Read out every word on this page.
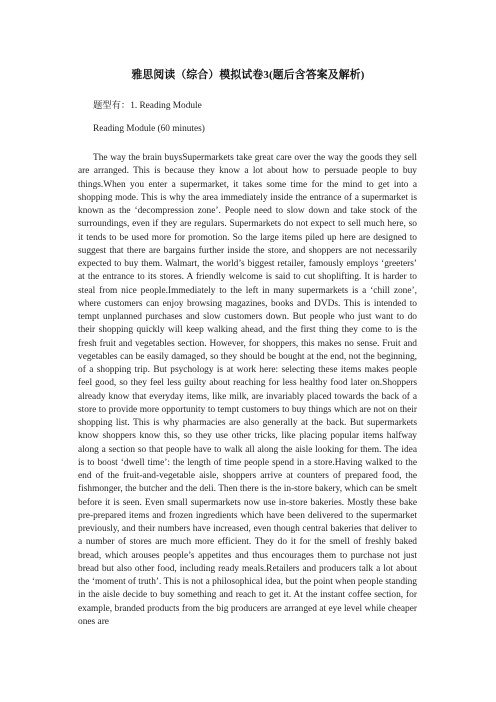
雅思阅读（综合）模拟试卷3(题后含答案及解析)
题型有：1. Reading Module
Reading Module (60 minutes)
The way the brain buysSupermarkets take great care over the way the goods they sell are arranged. This is because they know a lot about how to persuade people to buy things.When you enter a supermarket, it takes some time for the mind to get into a shopping mode. This is why the area immediately inside the entrance of a supermarket is known as the ‘decompression zone’. People need to slow down and take stock of the surroundings, even if they are regulars. Supermarkets do not expect to sell much here, so it tends to be used more for promotion. So the large items piled up here are designed to suggest that there are bargains further inside the store, and shoppers are not necessarily expected to buy them. Walmart, the world’s biggest retailer, famously employs ‘greeters’ at the entrance to its stores. A friendly welcome is said to cut shoplifting. It is harder to steal from nice people.Immediately to the left in many supermarkets is a ‘chill zone’, where customers can enjoy browsing magazines, books and DVDs. This is intended to tempt unplanned purchases and slow customers down. But people who just want to do their shopping quickly will keep walking ahead, and the first thing they come to is the fresh fruit and vegetables section. However, for shoppers, this makes no sense. Fruit and vegetables can be easily damaged, so they should be bought at the end, not the beginning, of a shopping trip. But psychology is at work here: selecting these items makes people feel good, so they feel less guilty about reaching for less healthy food later on.Shoppers already know that everyday items, like milk, are invariably placed towards the back of a store to provide more opportunity to tempt customers to buy things which are not on their shopping list. This is why pharmacies are also generally at the back. But supermarkets know shoppers know this, so they use other tricks, like placing popular items halfway along a section so that people have to walk all along the aisle looking for them. The idea is to boost ‘dwell time’: the length of time people spend in a store.Having walked to the end of the fruit-and-vegetable aisle, shoppers arrive at counters of prepared food, the fishmonger, the butcher and the deli. Then there is the in-store bakery, which can be smelt before it is seen. Even small supermarkets now use in-store bakeries. Mostly these bake pre-prepared items and frozen ingredients which have been delivered to the supermarket previously, and their numbers have increased, even though central bakeries that deliver to a number of stores are much more efficient. They do it for the smell of freshly baked bread, which arouses people’s appetites and thus encourages them to purchase not just bread but also other food, including ready meals.Retailers and producers talk a lot about the ‘moment of truth’. This is not a philosophical idea, but the point when people standing in the aisle decide to buy something and reach to get it. At the instant coffee section, for example, branded products from the big producers are arranged at eye level while cheaper ones are
